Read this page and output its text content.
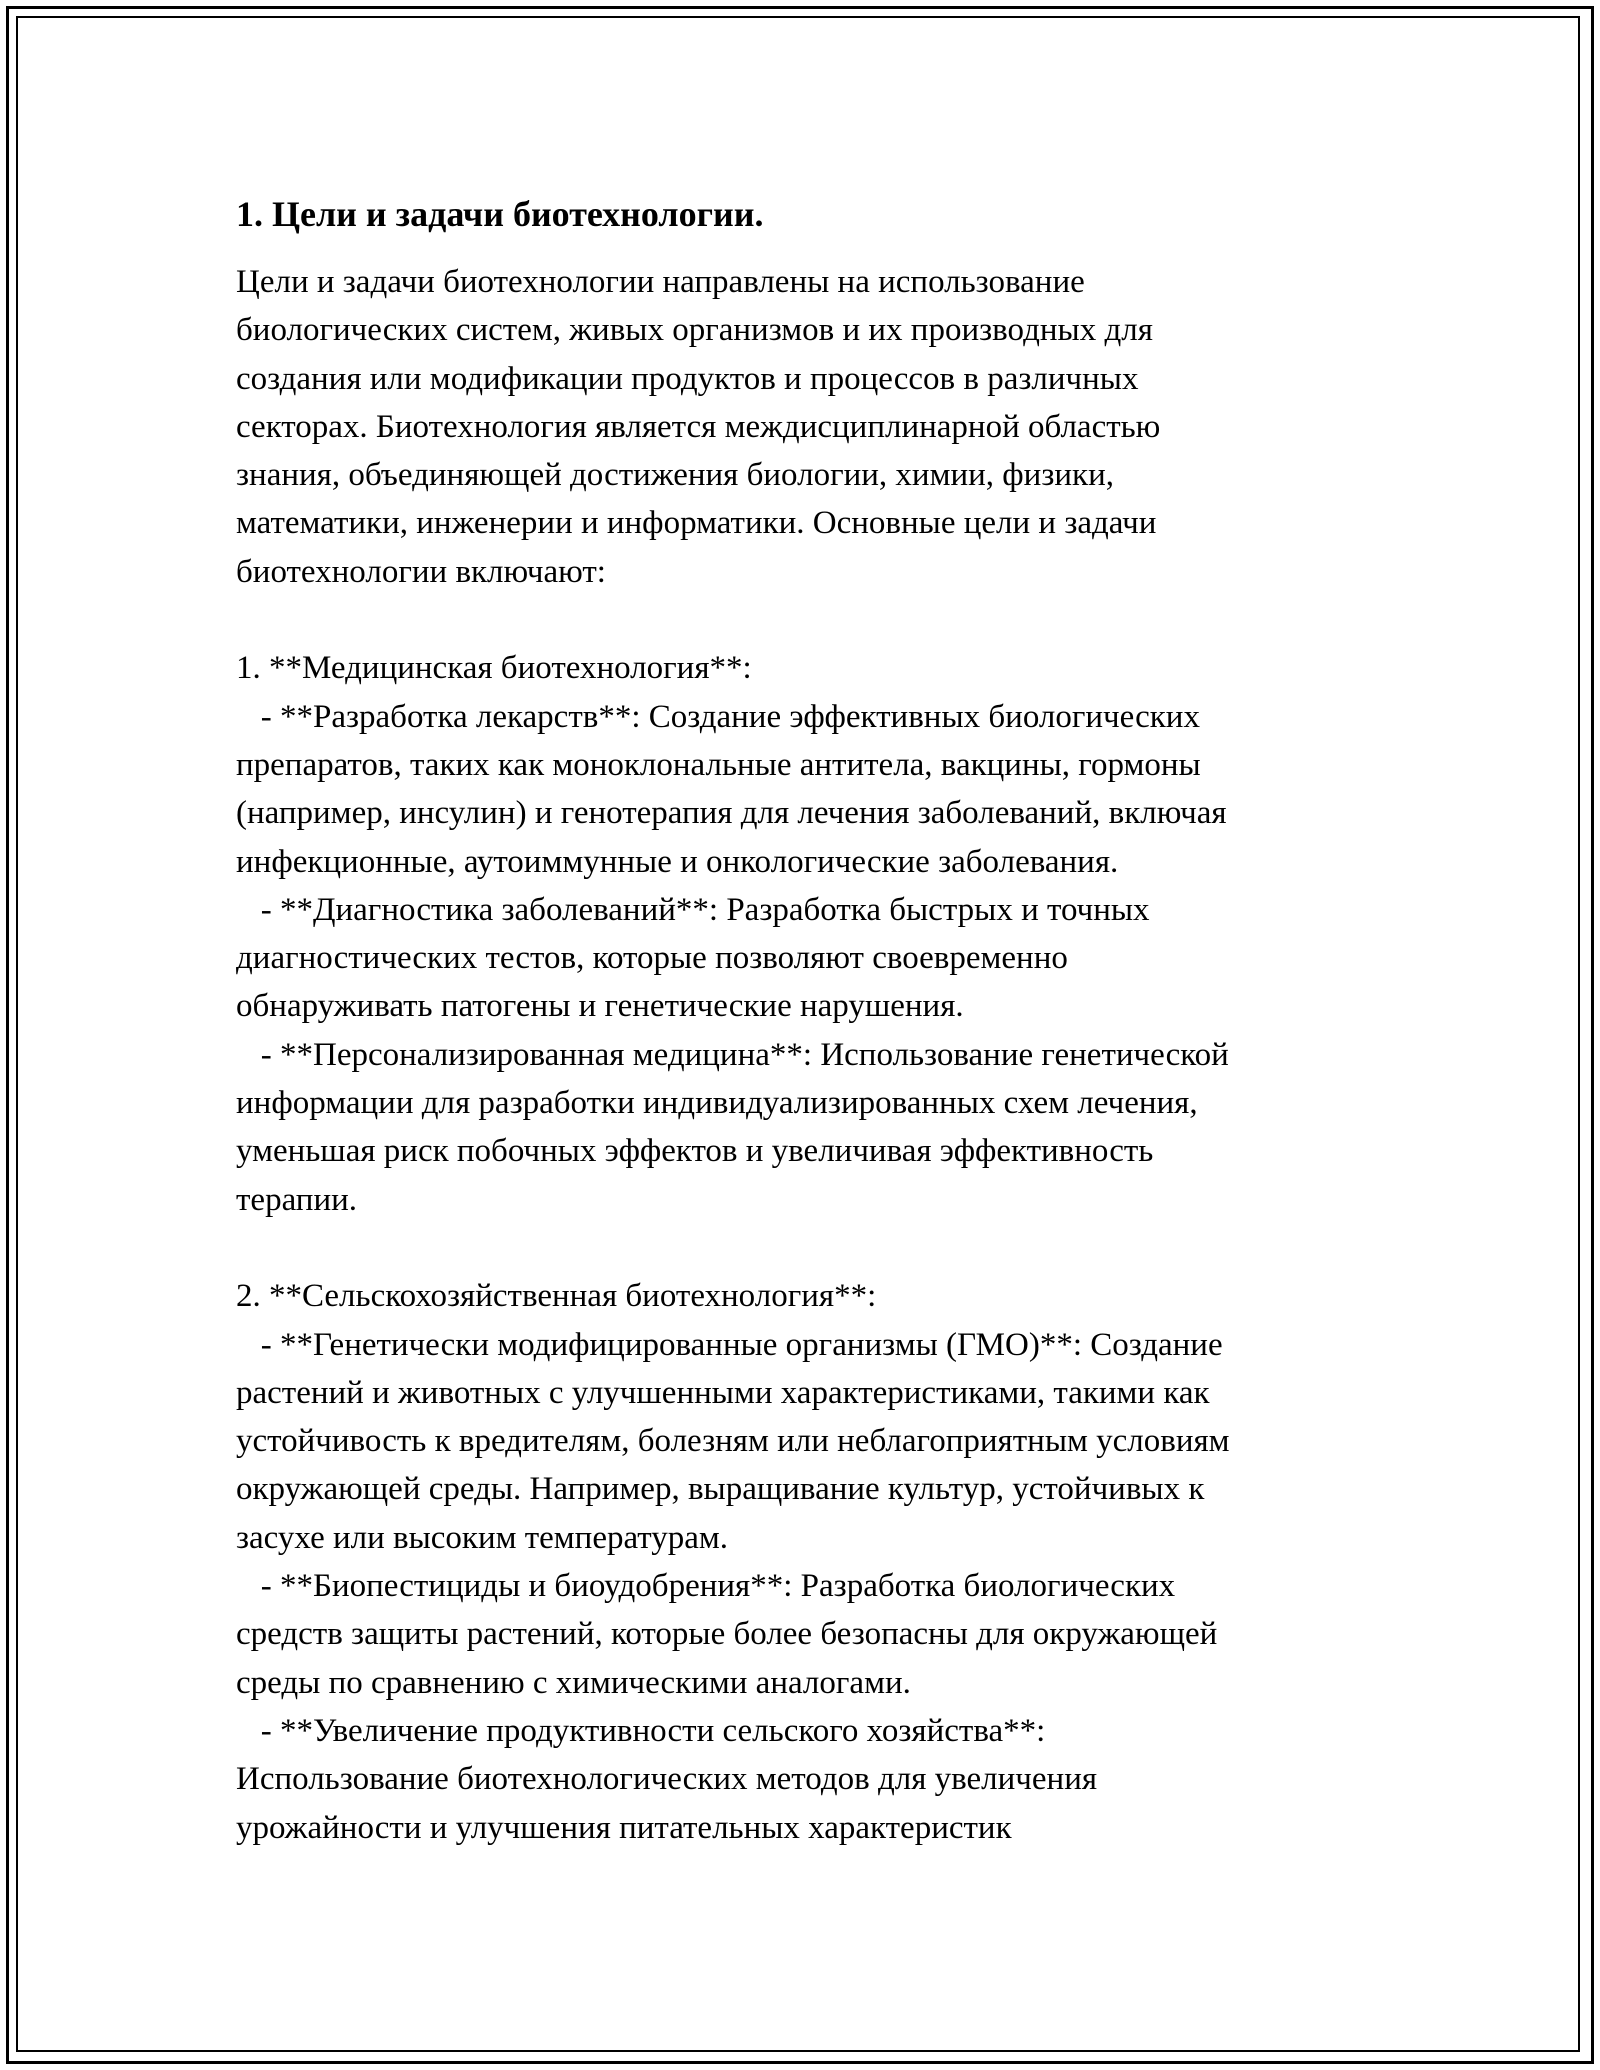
1. Цели и задачи биотехнологии.
Цели и задачи биотехнологии направлены на использование
биологических систем, живых организмов и их производных для
создания или модификации продуктов и процессов в различных
секторах. Биотехнология является междисциплинарной областью
знания, объединяющей достижения биологии, химии, физики,
математики, инженерии и информатики. Основные цели и задачи
биотехнологии включают:
1. **Медицинская биотехнология**:
- **Разработка лекарств**: Создание эффективных биологических
препаратов, таких как моноклональные антитела, вакцины, гормоны
(например, инсулин) и генотерапия для лечения заболеваний, включая
инфекционные, аутоиммунные и онкологические заболевания.
- **Диагностика заболеваний**: Разработка быстрых и точных
диагностических тестов, которые позволяют своевременно
обнаруживать патогены и генетические нарушения.
- **Персонализированная медицина**: Использование генетической
информации для разработки индивидуализированных схем лечения,
уменьшая риск побочных эффектов и увеличивая эффективность
терапии.
2. **Сельскохозяйственная биотехнология**:
- **Генетически модифицированные организмы (ГМО)**: Создание
растений и животных с улучшенными характеристиками, такими как
устойчивость к вредителям, болезням или неблагоприятным условиям
окружающей среды. Например, выращивание культур, устойчивых к
засухе или высоким температурам.
- **Биопестициды и биоудобрения**: Разработка биологических
средств защиты растений, которые более безопасны для окружающей
среды по сравнению с химическими аналогами.
- **Увеличение продуктивности сельского хозяйства**:
Использование биотехнологических методов для увеличения
урожайности и улучшения питательных характеристик
